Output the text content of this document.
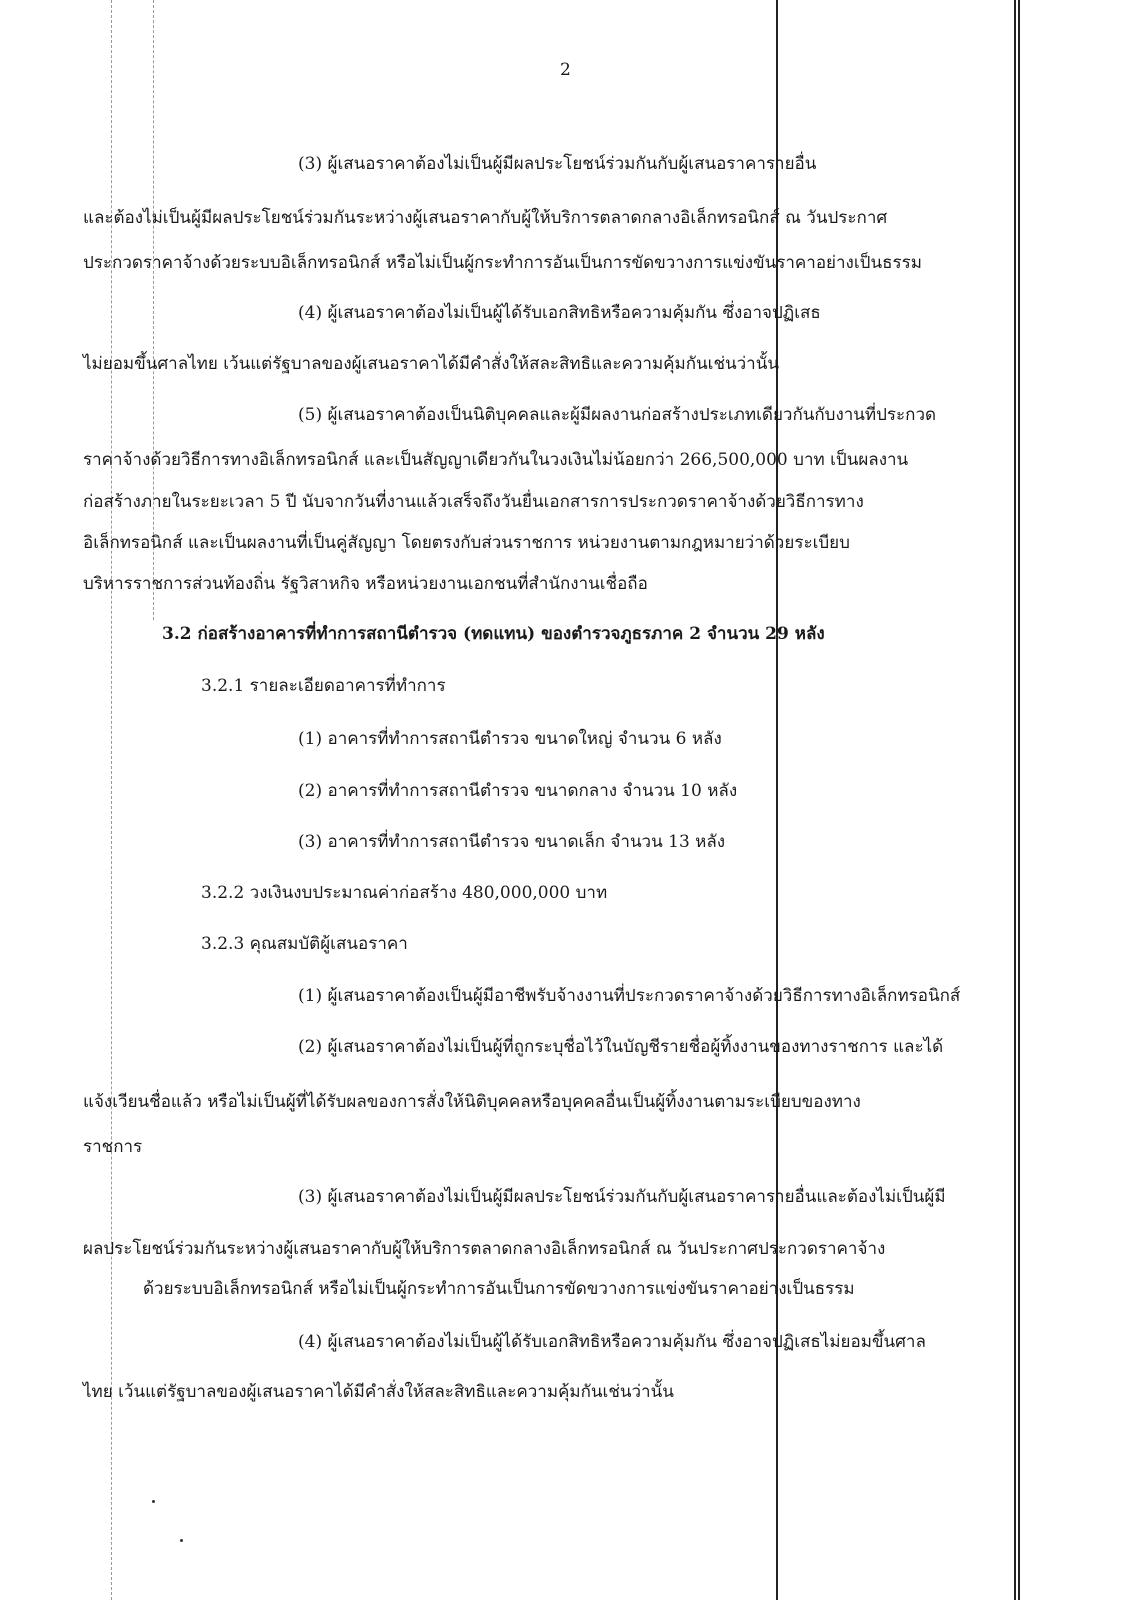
2
(3) ผู้เสนอราคาต้องไม่เป็นผู้มีผลประโยชน์ร่วมกันกับผู้เสนอราคารายอื่น
และต้องไม่เป็นผู้มีผลประโยชน์ร่วมกันระหว่างผู้เสนอราคากับผู้ให้บริการตลาดกลางอิเล็กทรอนิกส์ ณ วันประกาศ
ประกวดราคาจ้างด้วยระบบอิเล็กทรอนิกส์ หรือไม่เป็นผู้กระทำการอันเป็นการขัดขวางการแข่งขันราคาอย่างเป็นธรรม
(4) ผู้เสนอราคาต้องไม่เป็นผู้ได้รับเอกสิทธิหรือความคุ้มกัน ซึ่งอาจปฏิเสธ
ไม่ยอมขึ้นศาลไทย เว้นแต่รัฐบาลของผู้เสนอราคาได้มีคำสั่งให้สละสิทธิและความคุ้มกันเช่นว่านั้น
(5) ผู้เสนอราคาต้องเป็นนิติบุคคลและผู้มีผลงานก่อสร้างประเภทเดียวกันกับงานที่ประกวด
ราคาจ้างด้วยวิธีการทางอิเล็กทรอนิกส์ และเป็นสัญญาเดียวกันในวงเงินไม่น้อยกว่า 266,500,000 บาท เป็นผลงาน
ก่อสร้างภายในระยะเวลา 5 ปี นับจากวันที่งานแล้วเสร็จถึงวันยื่นเอกสารการประกวดราคาจ้างด้วยวิธีการทาง
อิเล็กทรอนิกส์ และเป็นผลงานที่เป็นคู่สัญญา โดยตรงกับส่วนราชการ หน่วยงานตามกฎหมายว่าด้วยระเบียบ
บริหารราชการส่วนท้องถิ่น รัฐวิสาหกิจ หรือหน่วยงานเอกชนที่สำนักงานเชื่อถือ
3.2 ก่อสร้างอาคารที่ทำการสถานีตำรวจ (ทดแทน) ของตำรวจภูธรภาค 2 จำนวน 29 หลัง
3.2.1 รายละเอียดอาคารที่ทำการ
(1) อาคารที่ทำการสถานีตำรวจ ขนาดใหญ่ จำนวน 6 หลัง
(2) อาคารที่ทำการสถานีตำรวจ ขนาดกลาง จำนวน 10 หลัง
(3) อาคารที่ทำการสถานีตำรวจ ขนาดเล็ก จำนวน 13 หลัง
3.2.2 วงเงินงบประมาณค่าก่อสร้าง 480,000,000 บาท
3.2.3 คุณสมบัติผู้เสนอราคา
(1) ผู้เสนอราคาต้องเป็นผู้มีอาชีพรับจ้างงานที่ประกวดราคาจ้างด้วยวิธีการทางอิเล็กทรอนิกส์
(2) ผู้เสนอราคาต้องไม่เป็นผู้ที่ถูกระบุชื่อไว้ในบัญชีรายชื่อผู้ทิ้งงานของทางราชการ และได้
แจ้งเวียนชื่อแล้ว หรือไม่เป็นผู้ที่ได้รับผลของการสั่งให้นิติบุคคลหรือบุคคลอื่นเป็นผู้ทิ้งงานตามระเบียบของทาง
ราชการ
(3) ผู้เสนอราคาต้องไม่เป็นผู้มีผลประโยชน์ร่วมกันกับผู้เสนอราคารายอื่นและต้องไม่เป็นผู้มี
ผลประโยชน์ร่วมกันระหว่างผู้เสนอราคากับผู้ให้บริการตลาดกลางอิเล็กทรอนิกส์ ณ วันประกาศประกวดราคาจ้าง
ด้วยระบบอิเล็กทรอนิกส์ หรือไม่เป็นผู้กระทำการอันเป็นการขัดขวางการแข่งขันราคาอย่างเป็นธรรม
(4) ผู้เสนอราคาต้องไม่เป็นผู้ได้รับเอกสิทธิหรือความคุ้มกัน ซึ่งอาจปฏิเสธไม่ยอมขึ้นศาล
ไทย เว้นแต่รัฐบาลของผู้เสนอราคาได้มีคำสั่งให้สละสิทธิและความคุ้มกันเช่นว่านั้น
